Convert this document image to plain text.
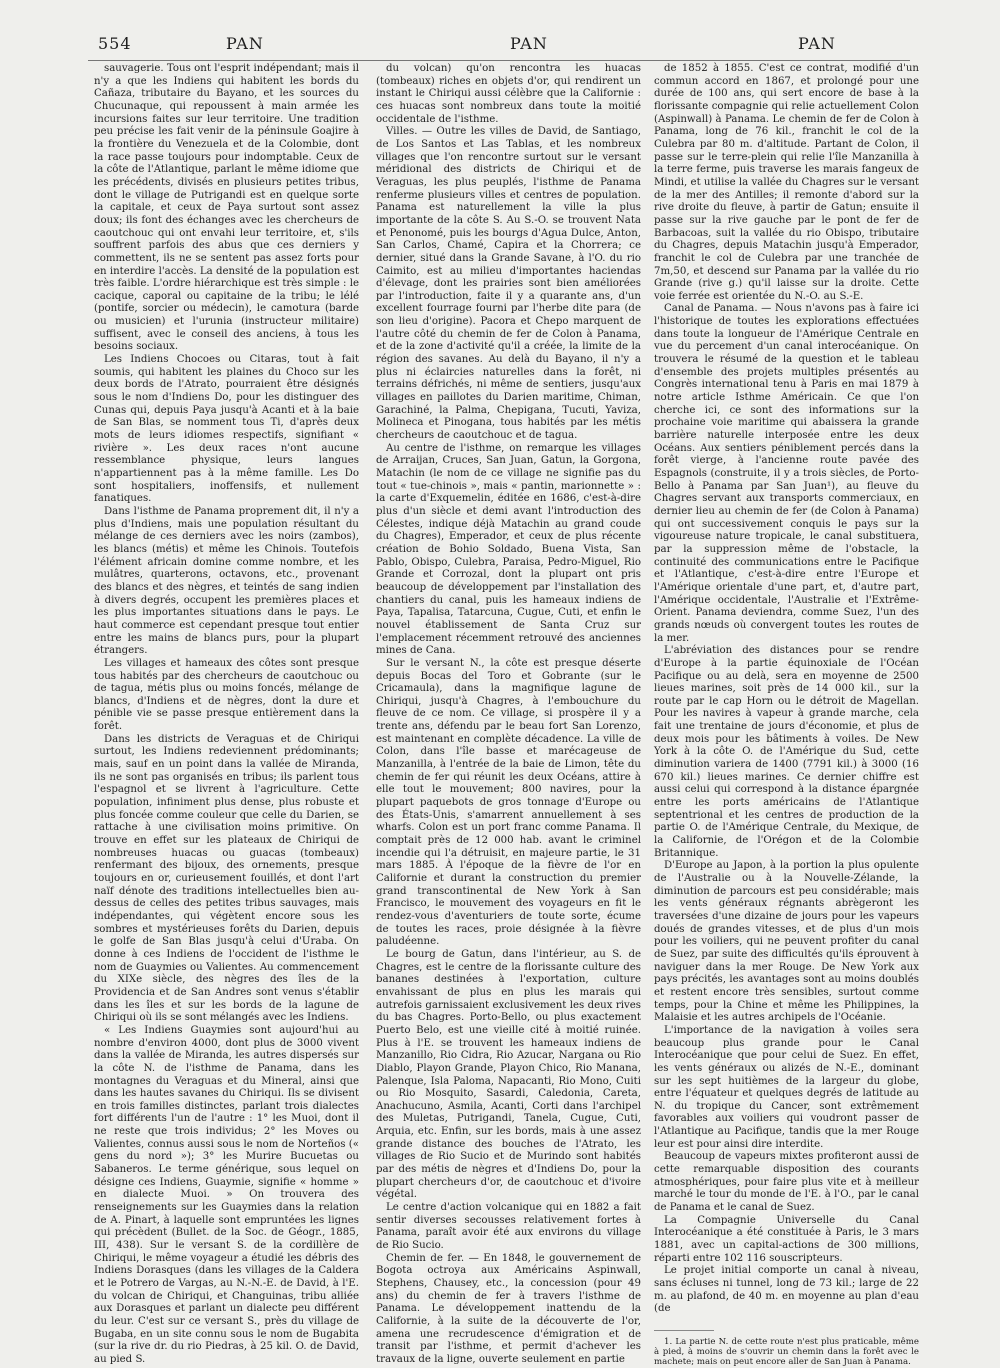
554	PAN	PAN	PAN

sauvagerie. Tous ont l'esprit indépendant; mais il n'y a que les Indiens qui habitent les bords du Cañaza, tributaire du Bayano, et les sources du Chucunaque, qui repoussent à main armée les incursions faites sur leur territoire. Une tradition peu précise les fait venir de la péninsule Goajire à la frontière du Venezuela et de la Colombie, dont la race passe toujours pour indomptable. Ceux de la côte de l'Atlantique, parlant le même idiome que les précédents, divisés en plusieurs petites tribus, dont le village de Putrigandi est en quelque sorte la capitale, et ceux de Paya surtout sont assez doux; ils font des échanges avec les chercheurs de caoutchouc qui ont envahi leur territoire, et, s'ils souffrent parfois des abus que ces derniers y commettent, ils ne se sentent pas assez forts pour en interdire l'accès. La densité de la population est très faible. L'ordre hiérarchique est très simple : le cacique, caporal ou capitaine de la tribu; le lélé (pontife, sorcier ou médecin), le camotura (barde ou musicien) et l'urunia (instructeur militaire) suffisent, avec le conseil des anciens, à tous les besoins sociaux.

Les Indiens Chocoes ou Citaras, tout à fait soumis, qui habitent les plaines du Choco sur les deux bords de l'Atrato, pourraient être désignés sous le nom d'Indiens Do, pour les distinguer des Cunas qui, depuis Paya jusqu'à Acanti et à la baie de San Blas, se nomment tous Ti, d'après deux mots de leurs idiomes respectifs, signifiant « rivière ». Les deux races n'ont aucune ressemblance physique, leurs langues n'appartiennent pas à la même famille. Les Do sont hospitaliers, inoffensifs, et nullement fanatiques.

Dans l'isthme de Panama proprement dit, il n'y a plus d'Indiens, mais une population résultant du mélange de ces derniers avec les noirs (zambos), les blancs (métis) et même les Chinois. Toutefois l'élément africain domine comme nombre, et les mulâtres, quarterons, octavons, etc., provenant des blancs et des nègres, et teintés de sang indien à divers degrés, occupent les premières places et les plus importantes situations dans le pays. Le haut commerce est cependant presque tout entier entre les mains de blancs purs, pour la plupart étrangers.

Les villages et hameaux des côtes sont presque tous habités par des chercheurs de caoutchouc ou de tagua, métis plus ou moins foncés, mélange de blancs, d'Indiens et de nègres, dont la dure et pénible vie se passe presque entièrement dans la forêt.

Dans les districts de Veraguas et de Chiriqui surtout, les Indiens redeviennent prédominants; mais, sauf en un point dans la vallée de Miranda, ils ne sont pas organisés en tribus; ils parlent tous l'espagnol et se livrent à l'agriculture. Cette population, infiniment plus dense, plus robuste et plus foncée comme couleur que celle du Darien, se rattache à une civilisation moins primitive. On trouve en effet sur les plateaux de Chiriqui de nombreuses huacas ou guacas (tombeaux) renfermant des bijoux, des ornements, presque toujours en or, curieusement fouillés, et dont l'art naïf dénote des traditions intellectuelles bien au-dessus de celles des petites tribus sauvages, mais indépendantes, qui végètent encore sous les sombres et mystérieuses forêts du Darien, depuis le golfe de San Blas jusqu'à celui d'Uraba. On donne à ces Indiens de l'occident de l'isthme le nom de Guaymies ou Valientes. Au commencement du XIXe siècle, des nègres des îles de la Providencia et de San Andres sont venus s'établir dans les îles et sur les bords de la lagune de Chiriqui où ils se sont mélangés avec les Indiens.

« Les Indiens Guaymies sont aujourd'hui au nombre d'environ 4000, dont plus de 3000 vivent dans la vallée de Miranda, les autres dispersés sur la côte N. de l'isthme de Panama, dans les montagnes du Veraguas et du Mineral, ainsi que dans les hautes savanes du Chiriqui. Ils se divisent en trois familles distinctes, parlant trois dialectes fort différents l'un de l'autre : 1° les Muoi, dont il ne reste que trois individus; 2° les Moves ou Valientes, connus aussi sous le nom de Norteños (« gens du nord »); 3° les Murire Bucuetas ou Sabaneros. Le terme générique, sous lequel on désigne ces Indiens, Guaymie, signifie « homme » en dialecte Muoi. » On trouvera des renseignements sur les Guaymies dans la relation de A. Pinart, à laquelle sont empruntées les lignes qui précèdent (Bullet. de la Soc. de Géogr., 1885, III, 438). Sur le versant S. de la cordillère de Chiriqui, le même voyageur a étudié les débris des Indiens Dorasques (dans les villages de la Caldera et le Potrero de Vargas, au N.-N.-E. de David, à l'E. du volcan de Chiriqui, et Changuinas, tribu alliée aux Dorasques et parlant un dialecte peu différent du leur. C'est sur ce versant S., près du village de Bugaba, en un site connu sous le nom de Bugabita (sur la rive dr. du rio Piedras, à 25 kil. O. de David, au pied S.

du volcan) qu'on rencontra les huacas (tombeaux) riches en objets d'or, qui rendirent un instant le Chiriqui aussi célèbre que la Californie : ces huacas sont nombreux dans toute la moitié occidentale de l'isthme.

Villes. — Outre les villes de David, de Santiago, de Los Santos et Las Tablas, et les nombreux villages que l'on rencontre surtout sur le versant méridional des districts de Chiriqui et de Veraguas, les plus peuplés, l'isthme de Panama renferme plusieurs villes et centres de population. Panama est naturellement la ville la plus importante de la côte S. Au S.-O. se trouvent Nata et Penonomé, puis les bourgs d'Agua Dulce, Anton, San Carlos, Chamé, Capira et la Chorrera; ce dernier, situé dans la Grande Savane, à l'O. du rio Caimito, est au milieu d'importantes haciendas d'élevage, dont les prairies sont bien améliorées par l'introduction, faite il y a quarante ans, d'un excellent fourrage fourni par l'herbe dite para (de son lieu d'origine). Pacora et Chepo marquent de l'autre côté du chemin de fer de Colon à Panama, et de la zone d'activité qu'il a créée, la limite de la région des savanes. Au delà du Bayano, il n'y a plus ni éclaircies naturelles dans la forêt, ni terrains défrichés, ni même de sentiers, jusqu'aux villages en paillotes du Darien maritime, Chiman, Garachiné, la Palma, Chepigana, Tucuti, Yaviza, Molineca et Pinogana, tous habités par les métis chercheurs de caoutchouc et de tagua.

Au centre de l'isthme, on remarque les villages de Arraijan, Cruces, San Juan, Gatun, la Gorgona, Matachin (le nom de ce village ne signifie pas du tout « tue-chinois », mais « pantin, marionnette » : la carte d'Exquemelin, éditée en 1686, c'est-à-dire plus d'un siècle et demi avant l'introduction des Célestes, indique déjà Matachin au grand coude du Chagres), Emperador, et ceux de plus récente création de Bohio Soldado, Buena Vista, San Pablo, Obispo, Culebra, Paraisa, Pedro-Miguel, Rio Grande et Corrozal, dont la plupart ont pris beaucoup de développement par l'installation des chantiers du canal, puis les hameaux indiens de Paya, Tapalisa, Tatarcuna, Cugue, Cuti, et enfin le nouvel établissement de Santa Cruz sur l'emplacement récemment retrouvé des anciennes mines de Cana.

Sur le versant N., la côte est presque déserte depuis Bocas del Toro et Gobrante (sur le Cricamaula), dans la magnifique lagune de Chiriqui, jusqu'à Chagres, à l'embouchure du fleuve de ce nom. Ce village, si prospère il y a trente ans, défendu par le beau fort San Lorenzo, est maintenant en complète décadence. La ville de Colon, dans l'île basse et marécageuse de Manzanilla, à l'entrée de la baie de Limon, tête du chemin de fer qui réunit les deux Océans, attire à elle tout le mouvement; 800 navires, pour la plupart paquebots de gros tonnage d'Europe ou des États-Unis, s'amarrent annuellement à ses wharfs. Colon est un port franc comme Panama. Il comptait près de 12 000 hab. avant le criminel incendie qui l'a détruisit, en majeure partie, le 31 mars 1885. À l'époque de la fièvre de l'or en Californie et durant la construction du premier grand transcontinental de New York à San Francisco, le mouvement des voyageurs en fit le rendez-vous d'aventuriers de toute sorte, écume de toutes les races, proie désignée à la fièvre paludéenne.

Le bourg de Gatun, dans l'intérieur, au S. de Chagres, est le centre de la florissante culture des bananes destinées à l'exportation, culture envahissant de plus en plus les marais qui autrefois garnissaient exclusivement les deux rives du bas Chagres. Porto-Bello, ou plus exactement Puerto Belo, est une vieille cité à moitié ruinée. Plus à l'E. se trouvent les hameaux indiens de Manzanillo, Rio Cidra, Rio Azucar, Nargana ou Rio Diablo, Playon Grande, Playon Chico, Rio Manana, Palenque, Isla Paloma, Napacanti, Rio Mono, Cuiti ou Rio Mosquito, Sasardi, Caledonia, Careta, Anachucuno, Asmila, Acanti, Corti dans l'archipel des Muletas, Putrigandi, Tanela, Cugue, Cuti, Arquia, etc. Enfin, sur les bords, mais à une assez grande distance des bouches de l'Atrato, les villages de Rio Sucio et de Murindo sont habités par des métis de nègres et d'Indiens Do, pour la plupart chercheurs d'or, de caoutchouc et d'ivoire végétal.

Le centre d'action volcanique qui en 1882 a fait sentir diverses secousses relativement fortes à Panama, paraît avoir été aux environs du village de Rio Sucio.

Chemin de fer. — En 1848, le gouvernement de Bogota octroya aux Américains Aspinwall, Stephens, Chausey, etc., la concession (pour 49 ans) du chemin de fer à travers l'isthme de Panama. Le développement inattendu de la Californie, à la suite de la découverte de l'or, amena une recrudescence d'émigration et de transit par l'isthme, et permit d'achever les travaux de la ligne, ouverte seulement en partie

de 1852 à 1855. C'est ce contrat, modifié d'un commun accord en 1867, et prolongé pour une durée de 100 ans, qui sert encore de base à la florissante compagnie qui relie actuellement Colon (Aspinwall) à Panama. Le chemin de fer de Colon à Panama, long de 76 kil., franchit le col de la Culebra par 80 m. d'altitude. Partant de Colon, il passe sur le terre-plein qui relie l'île Manzanilla à la terre ferme, puis traverse les marais fangeux de Mindi, et utilise la vallée du Chagres sur le versant de la mer des Antilles; il remonte d'abord sur la rive droite du fleuve, à partir de Gatun; ensuite il passe sur la rive gauche par le pont de fer de Barbacoas, suit la vallée du rio Obispo, tributaire du Chagres, depuis Matachin jusqu'à Emperador, franchit le col de Culebra par une tranchée de 7m,50, et descend sur Panama par la vallée du rio Grande (rive g.) qu'il laisse sur la droite. Cette voie ferrée est orientée du N.-O. au S.-E.

Canal de Panama. — Nous n'avons pas à faire ici l'historique de toutes les explorations effectuées dans toute la longueur de l'Amérique Centrale en vue du percement d'un canal interocéanique. On trouvera le résumé de la question et le tableau d'ensemble des projets multiples présentés au Congrès international tenu à Paris en mai 1879 à notre article Isthme Américain. Ce que l'on cherche ici, ce sont des informations sur la prochaine voie maritime qui abaissera la grande barrière naturelle interposée entre les deux Océans. Aux sentiers péniblement percés dans la forêt vierge, à l'ancienne route pavée des Espagnols (construite, il y a trois siècles, de Porto-Bello à Panama par San Juan¹), au fleuve du Chagres servant aux transports commerciaux, en dernier lieu au chemin de fer (de Colon à Panama) qui ont successivement conquis le pays sur la vigoureuse nature tropicale, le canal substituera, par la suppression même de l'obstacle, la continuité des communications entre le Pacifique et l'Atlantique, c'est-à-dire entre l'Europe et l'Amérique orientale d'une part, et, d'autre part, l'Amérique occidentale, l'Australie et l'Extrême-Orient. Panama deviendra, comme Suez, l'un des grands nœuds où convergent toutes les routes de la mer.

L'abréviation des distances pour se rendre d'Europe à la partie équinoxiale de l'Océan Pacifique ou au delà, sera en moyenne de 2500 lieues marines, soit près de 14 000 kil., sur la route par le cap Horn ou le détroit de Magellan. Pour les navires à vapeur à grande marche, cela fait une trentaine de jours d'économie, et plus de deux mois pour les bâtiments à voiles. De New York à la côte O. de l'Amérique du Sud, cette diminution variera de 1400 (7791 kil.) à 3000 (16 670 kil.) lieues marines. Ce dernier chiffre est aussi celui qui correspond à la distance épargnée entre les ports américains de l'Atlantique septentrional et les centres de production de la partie O. de l'Amérique Centrale, du Mexique, de la Californie, de l'Orégon et de la Colombie Britannique.

D'Europe au Japon, à la portion la plus opulente de l'Australie ou à la Nouvelle-Zélande, la diminution de parcours est peu considérable; mais les vents généraux régnants abrègeront les traversées d'une dizaine de jours pour les vapeurs doués de grandes vitesses, et de plus d'un mois pour les voiliers, qui ne peuvent profiter du canal de Suez, par suite des difficultés qu'ils éprouvent à naviguer dans la mer Rouge. De New York aux pays précités, les avantages sont au moins doublés et restent encore très sensibles, surtout comme temps, pour la Chine et même les Philippines, la Malaisie et les autres archipels de l'Océanie.

L'importance de la navigation à voiles sera beaucoup plus grande pour le Canal Interocéanique que pour celui de Suez. En effet, les vents généraux ou alizés de N.-E., dominant sur les sept huitièmes de la largeur du globe, entre l'équateur et quelques degrés de latitude au N. du tropique du Cancer, sont extrêmement favorables aux voiliers qui voudront passer de l'Atlantique au Pacifique, tandis que la mer Rouge leur est pour ainsi dire interdite.

Beaucoup de vapeurs mixtes profiteront aussi de cette remarquable disposition des courants atmosphériques, pour faire plus vite et à meilleur marché le tour du monde de l'E. à l'O., par le canal de Panama et le canal de Suez.

La Compagnie Universelle du Canal Interocéanique a été constituée à Paris, le 3 mars 1881, avec un capital-actions de 300 millions, réparti entre 102 116 souscripteurs.

Le projet initial comporte un canal à niveau, sans écluses ni tunnel, long de 73 kil.; large de 22 m. au plafond, de 40 m. en moyenne au plan d'eau (de

1. La partie N. de cette route n'est plus praticable, même à pied, à moins de s'ouvrir un chemin dans la forêt avec le machete; mais on peut encore aller de San Juan à Panama.
